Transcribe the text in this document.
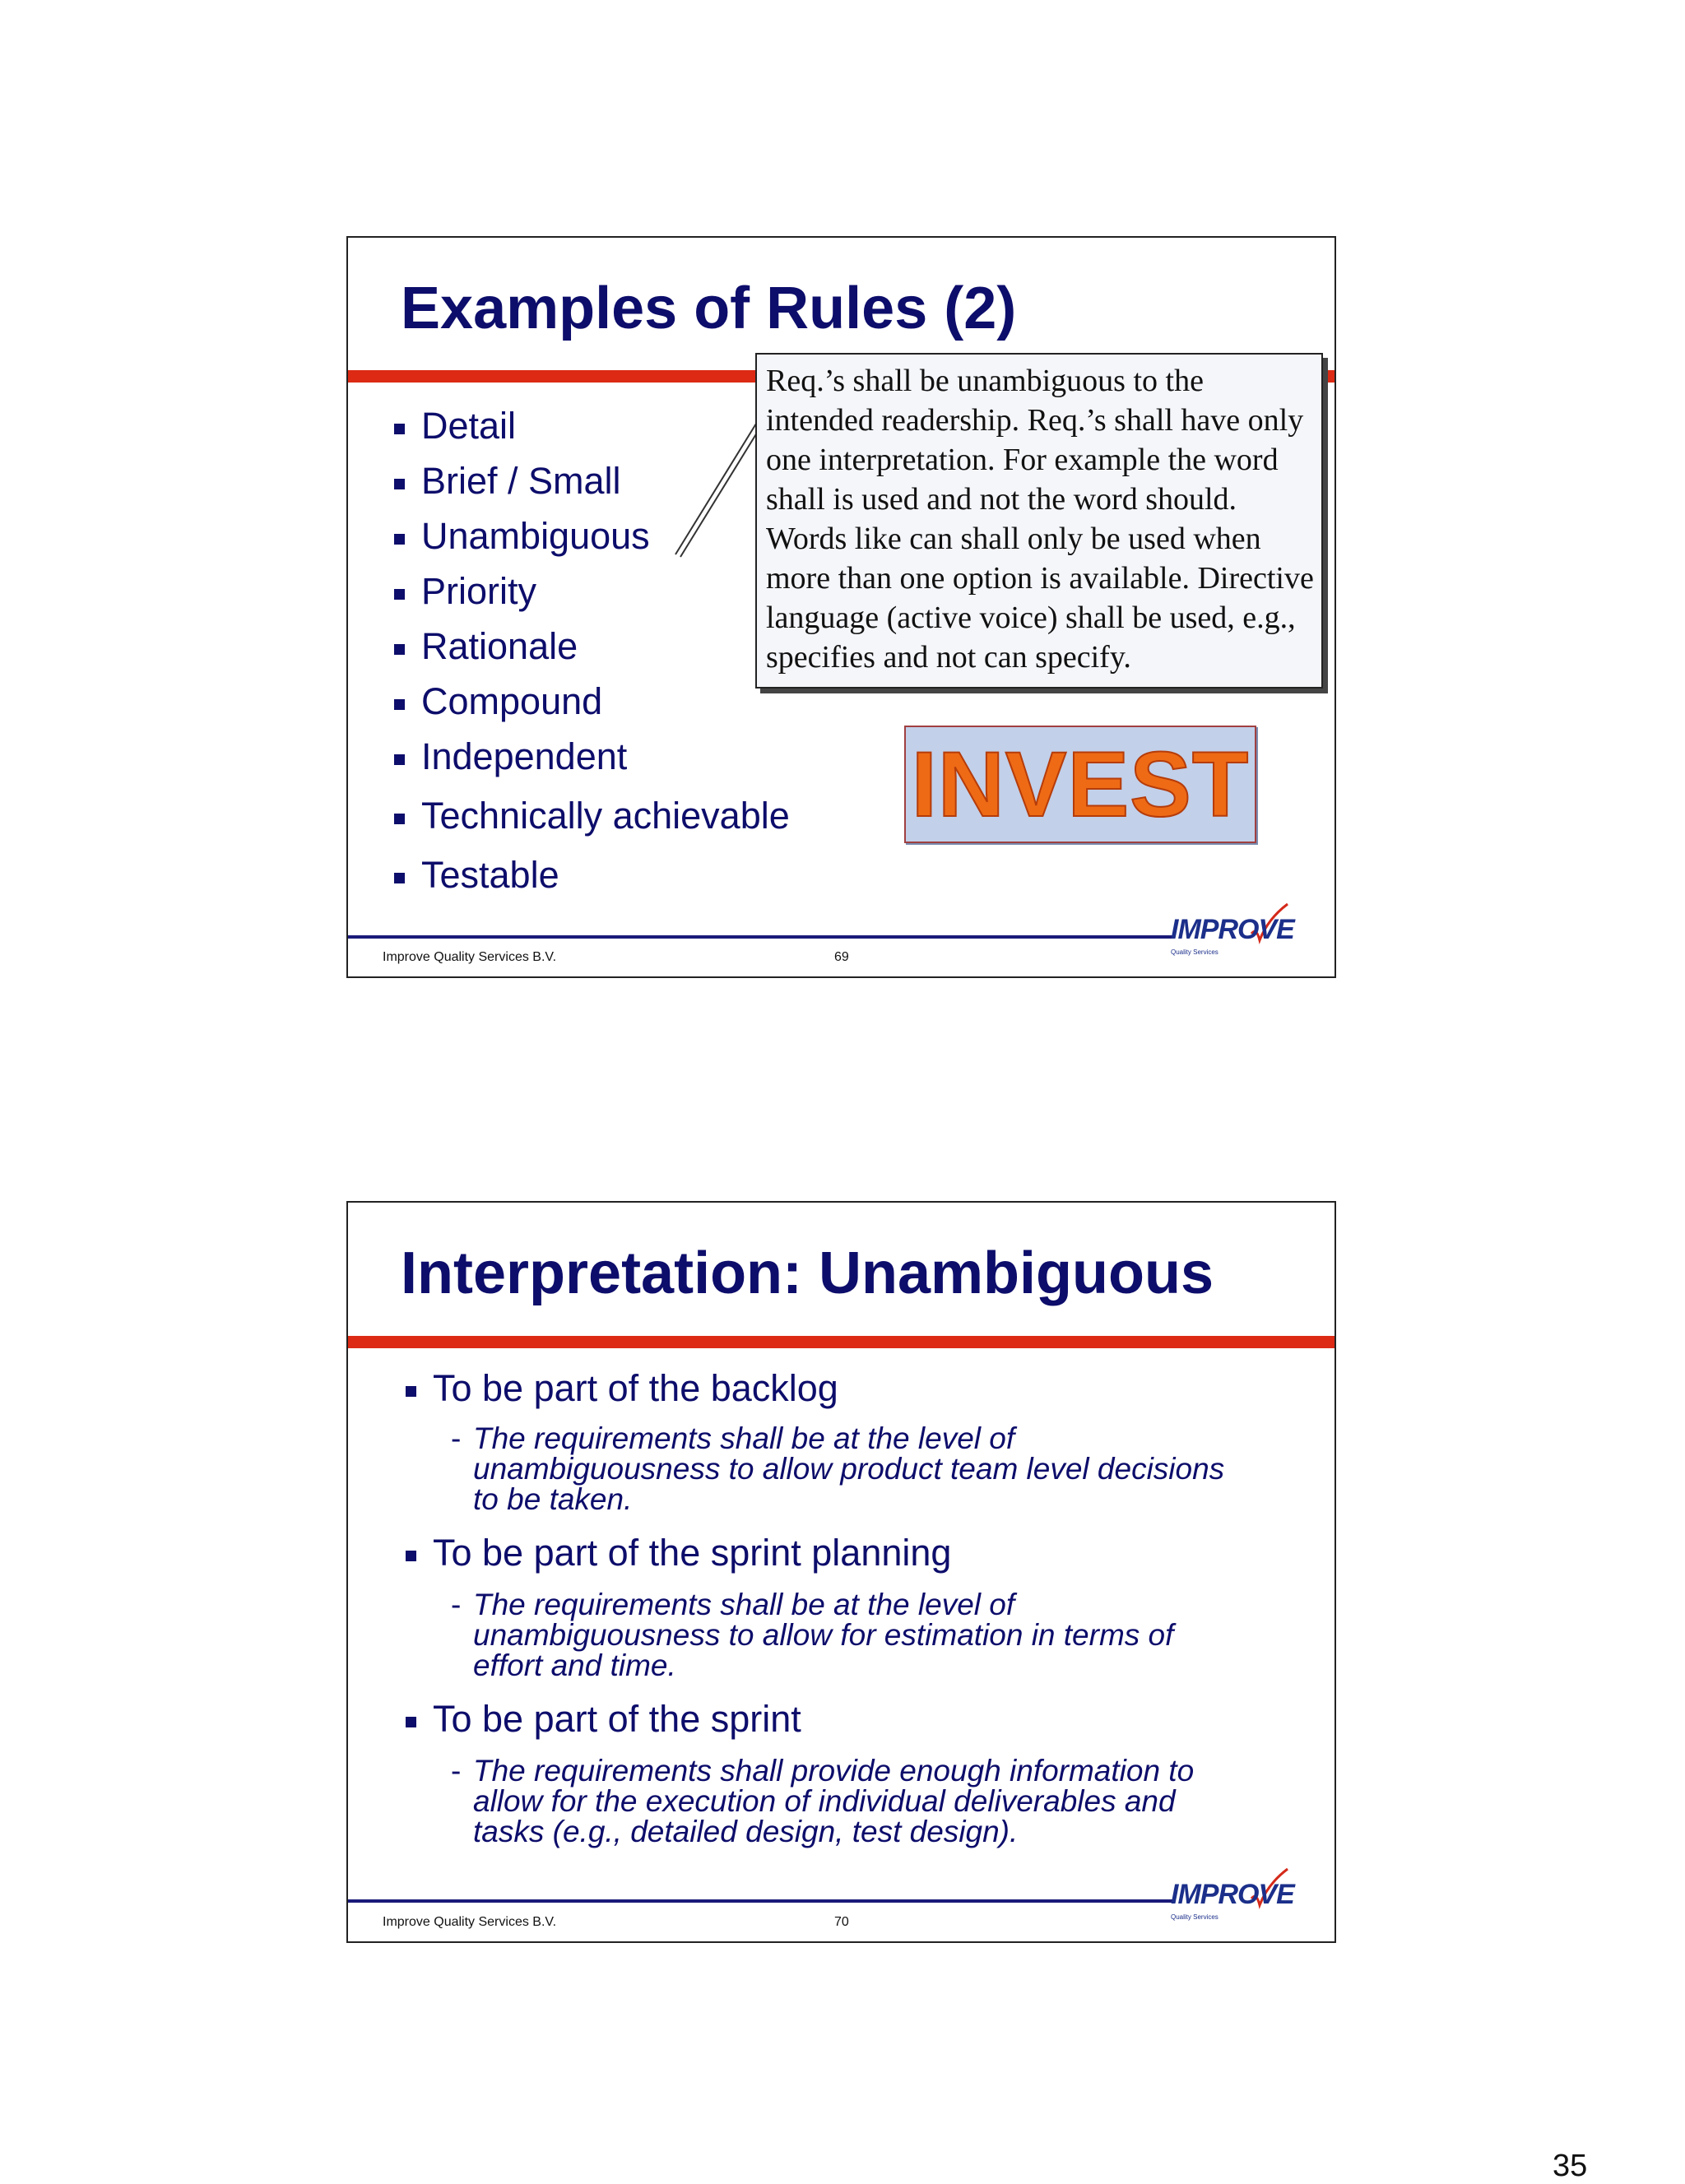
Examples of Rules (2)
Detail
Brief / Small
Unambiguous
Priority
Rationale
Compound
Independent
Technically achievable
Testable
Req.’s shall be unambiguous to the intended readership. Req.’s shall have only one interpretation. For example the word shall is used and not the word should. Words like can shall only be used when more than one option is available. Directive language (active voice) shall be used, e.g., specifies and not can specify.
INVEST
Improve Quality Services B.V.	69
IMPROVE
Quality Services
Interpretation: Unambiguous
To be part of the backlog
- The requirements shall be at the level of
unambiguousness to allow product team level decisions
to be taken.
To be part of the sprint planning
- The requirements shall be at the level of
unambiguousness to allow for estimation in terms of
effort and time.
To be part of the sprint
- The requirements shall provide enough information to
allow for the execution of individual deliverables and
tasks (e.g., detailed design, test design).
Improve Quality Services B.V.	70
IMPROVE
Quality Services
35
